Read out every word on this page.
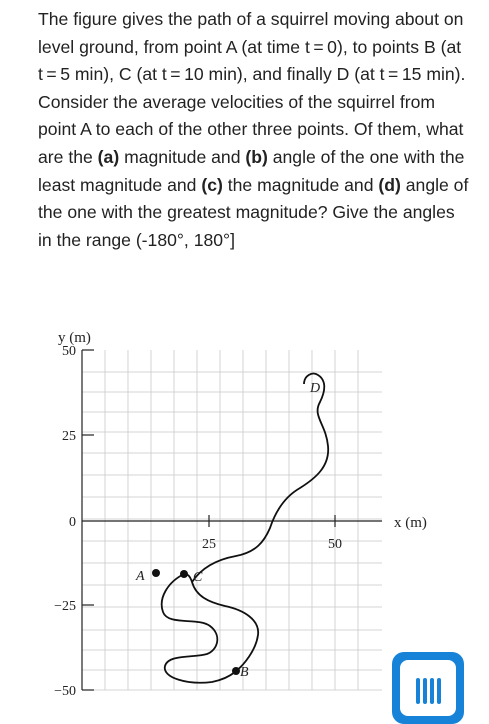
The figure gives the path of a squirrel moving about on level ground, from point A (at time t = 0), to points B (at t = 5 min), C (at t = 10 min), and finally D (at t = 15 min). Consider the average velocities of the squirrel from point A to each of the other three points. Of them, what are the (a) magnitude and (b) angle of the one with the least magnitude and (c) the magnitude and (d) angle of the one with the greatest magnitude? Give the angles in the range (-180°, 180°]

y (m)
x (m)
50
25
0
−25
−50
25	50
A	C
B
D
